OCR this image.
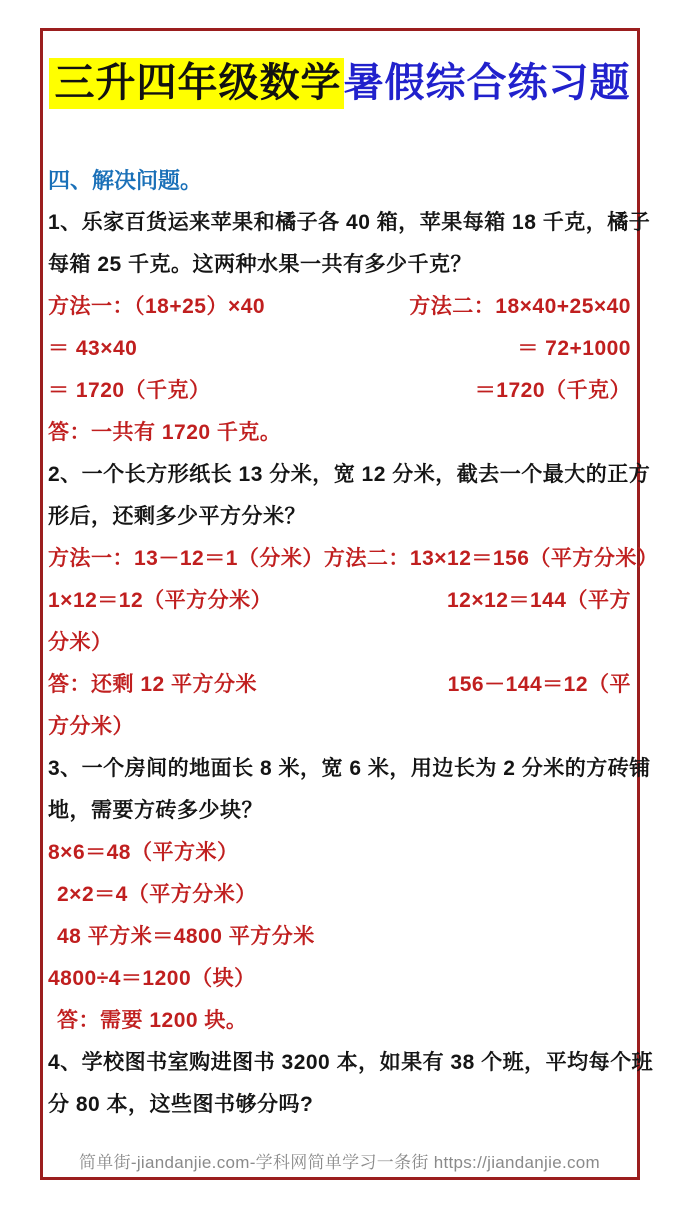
三升四年级数学暑假综合练习题
四、解决问题。
1、乐家百货运来苹果和橘子各 40 箱，苹果每箱 18 千克，橘子
每箱 25 千克。这两种水果一共有多少千克？
方法一：（18+25）×40	方法二：18×40+25×40
＝ 43×40	＝ 72+1000
＝ 1720（千克）	＝1720（千克）
答：一共有 1720 千克。
2、一个长方形纸长 13 分米，宽 12 分米，截去一个最大的正方
形后，还剩多少平方分米？
方法一：13－12＝1（分米） 方法二：13×12＝156（平方分米）
1×12＝12（平方分米）	12×12＝144（平方
分米）
答：还剩 12 平方分米	156－144＝12（平
方分米）
3、一个房间的地面长 8 米，宽 6 米，用边长为 2 分米的方砖铺
地，需要方砖多少块？
8×6＝48（平方米）
2×2＝4（平方分米）
48 平方米＝4800 平方分米
4800÷4＝1200（块）
答：需要 1200 块。
4、学校图书室购进图书 3200 本，如果有 38 个班，平均每个班
分 80 本，这些图书够分吗?
简单街-jiandanjie.com-学科网简单学习一条街 https://jiandanjie.com
